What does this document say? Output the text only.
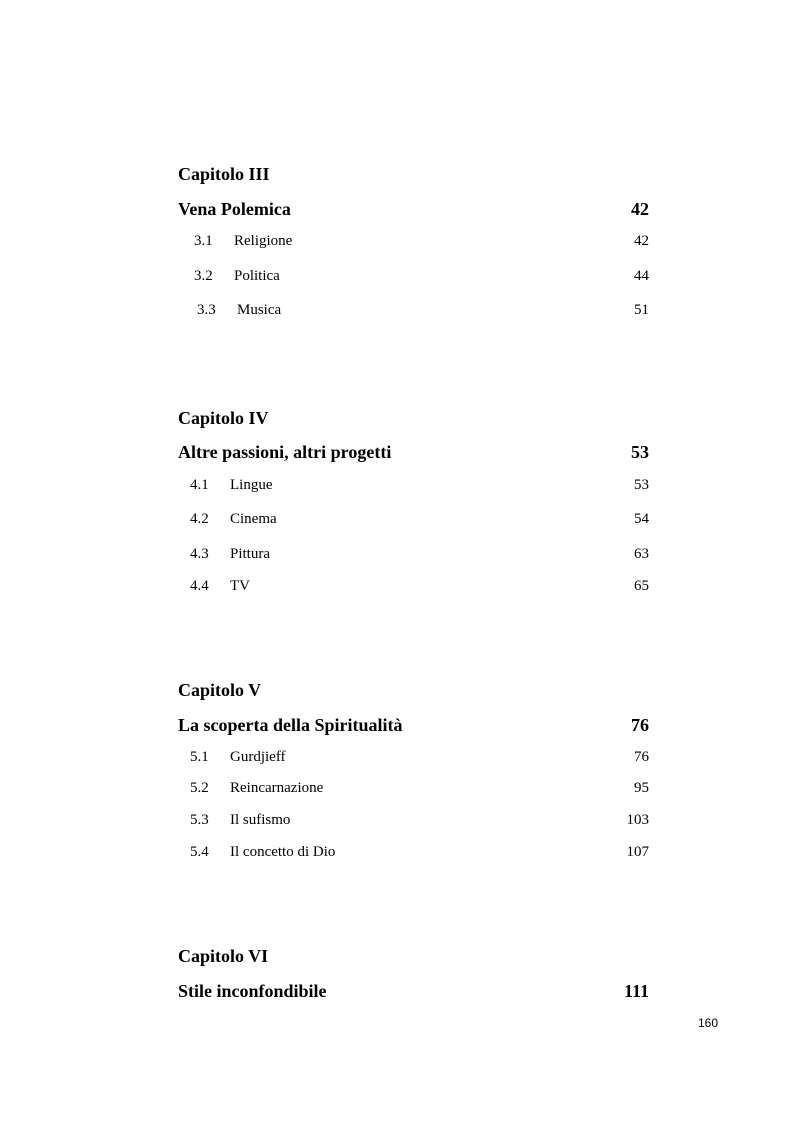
Capitolo III
Vena Polemica	42
3.1 Religione	42
3.2 Politica	44
3.3 Musica	51
Capitolo IV
Altre passioni, altri progetti	53
4.1 Lingue	53
4.2 Cinema	54
4.3 Pittura	63
4.4 TV	65
Capitolo V
La scoperta della Spiritualità	76
5.1 Gurdjieff	76
5.2 Reincarnazione	95
5.3 Il sufismo	103
5.4 Il concetto di Dio	107
Capitolo VI
Stile inconfondibile	111
160
